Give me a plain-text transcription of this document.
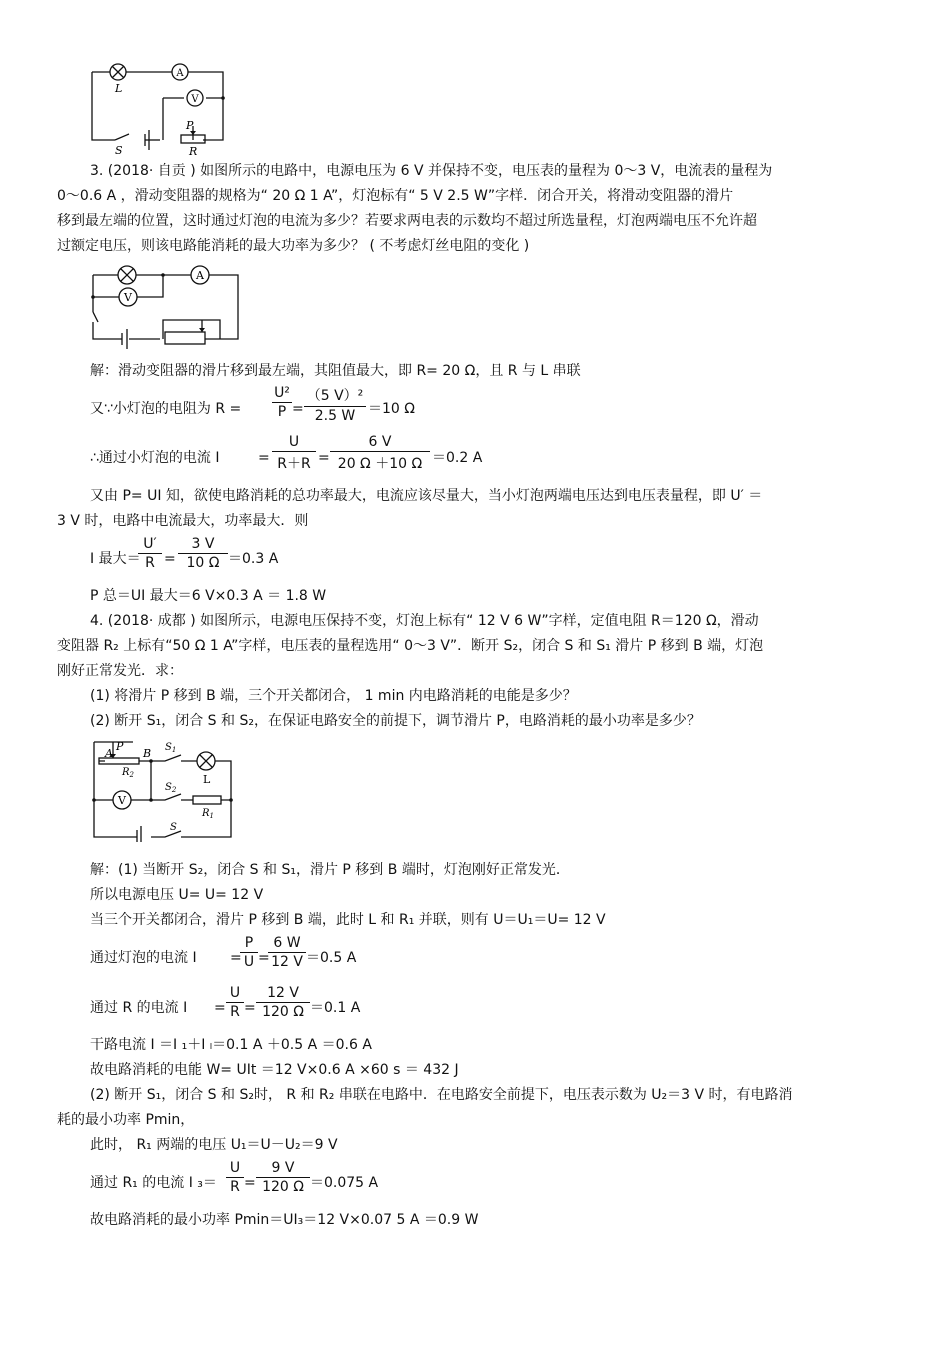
A
V
L
S
P
R
3. (2018· 自贡 ) 如图所示的电路中，电源电压为 6 V 并保持不变，电压表的量程为 0～3 V，电流表的量程为
0～0.6 A ，滑动变阻器的规格为“ 20 Ω 1 A”，灯泡标有“ 5 V 2.5 W”字样．闭合开关，将滑动变阻器的滑片
移到最左端的位置，这时通过灯泡的电流为多少？若要求两电表的示数均不超过所选量程，灯泡两端电压不允许超
过额定电压，则该电路能消耗的最大功率为多少？ ( 不考虑灯丝电阻的变化 )
A
V
解：滑动变阻器的滑片移到最左端，其阻值最大，即 R= 20 Ω，且 R 与 L 串联
又∵小灯泡的电阻为 R =
U²
P =
（5 V）²
2.5 W ＝10 Ω
∴通过小灯泡的电流 I	=
U
R＋R =
6 V
20 Ω ＋10 Ω ＝0.2 A
又由 P= UI 知，欲使电路消耗的总功率最大，电流应该尽量大，当小灯泡两端电压达到电压表量程，即 U′ ＝
3 V 时，电路中电流最大，功率最大．则
I 最大＝
U′
R =
3 V
10 Ω ＝0.3 A
P 总＝UI 最大＝6 V×0.3 A ＝ 1.8 W
4. (2018· 成都 ) 如图所示，电源电压保持不变，灯泡上标有“ 12 V 6 W”字样，定值电阻 R＝120 Ω，滑动
变阻器 R₂ 上标有“50 Ω 1 A”字样，电压表的量程选用“ 0～3 V”．断开 S₂，闭合 S 和 S₁ 滑片 P 移到 B 端，灯泡
刚好正常发光．求：
(1) 将滑片 P 移到 B 端，三个开关都闭合， 1 min 内电路消耗的电能是多少？
(2) 断开 S₁，闭合 S 和 S₂，在保证电路安全的前提下，调节滑片 P，电路消耗的最小功率是多少？
V
A
P
B
$R_2$
$S_1$
$S_2$
S
L
$R_1$
解：(1) 当断开 S₂，闭合 S 和 S₁，滑片 P 移到 B 端时，灯泡刚好正常发光．
所以电源电压 U= U= 12 V
当三个开关都闭合，滑片 P 移到 B 端，此时 L 和 R₁ 并联，则有 U＝U₁＝U= 12 V
通过灯泡的电流 I =
P
U =
6 W
12 V ＝0.5 A
通过 R 的电流 I =
U
R =
12 V
120 Ω ＝0.1 A
干路电流 I ＝I ₁＋I ₗ＝0.1 A ＋0.5 A ＝0.6 A
故电路消耗的电能 W= UIt ＝12 V×0.6 A ×60 s ＝ 432 J
(2) 断开 S₁，闭合 S 和 S₂时， R 和 R₂ 串联在电路中．在电路安全前提下，电压表示数为 U₂＝3 V 时，有电路消
耗的最小功率 Pmin，
此时， R₁ 两端的电压 U₁＝U－U₂＝9 V
通过 R₁ 的电流 I ₃＝
U
R =
9 V
120 Ω ＝0.075 A
故电路消耗的最小功率 Pmin＝UI₃＝12 V×0.07 5 A ＝0.9 W
